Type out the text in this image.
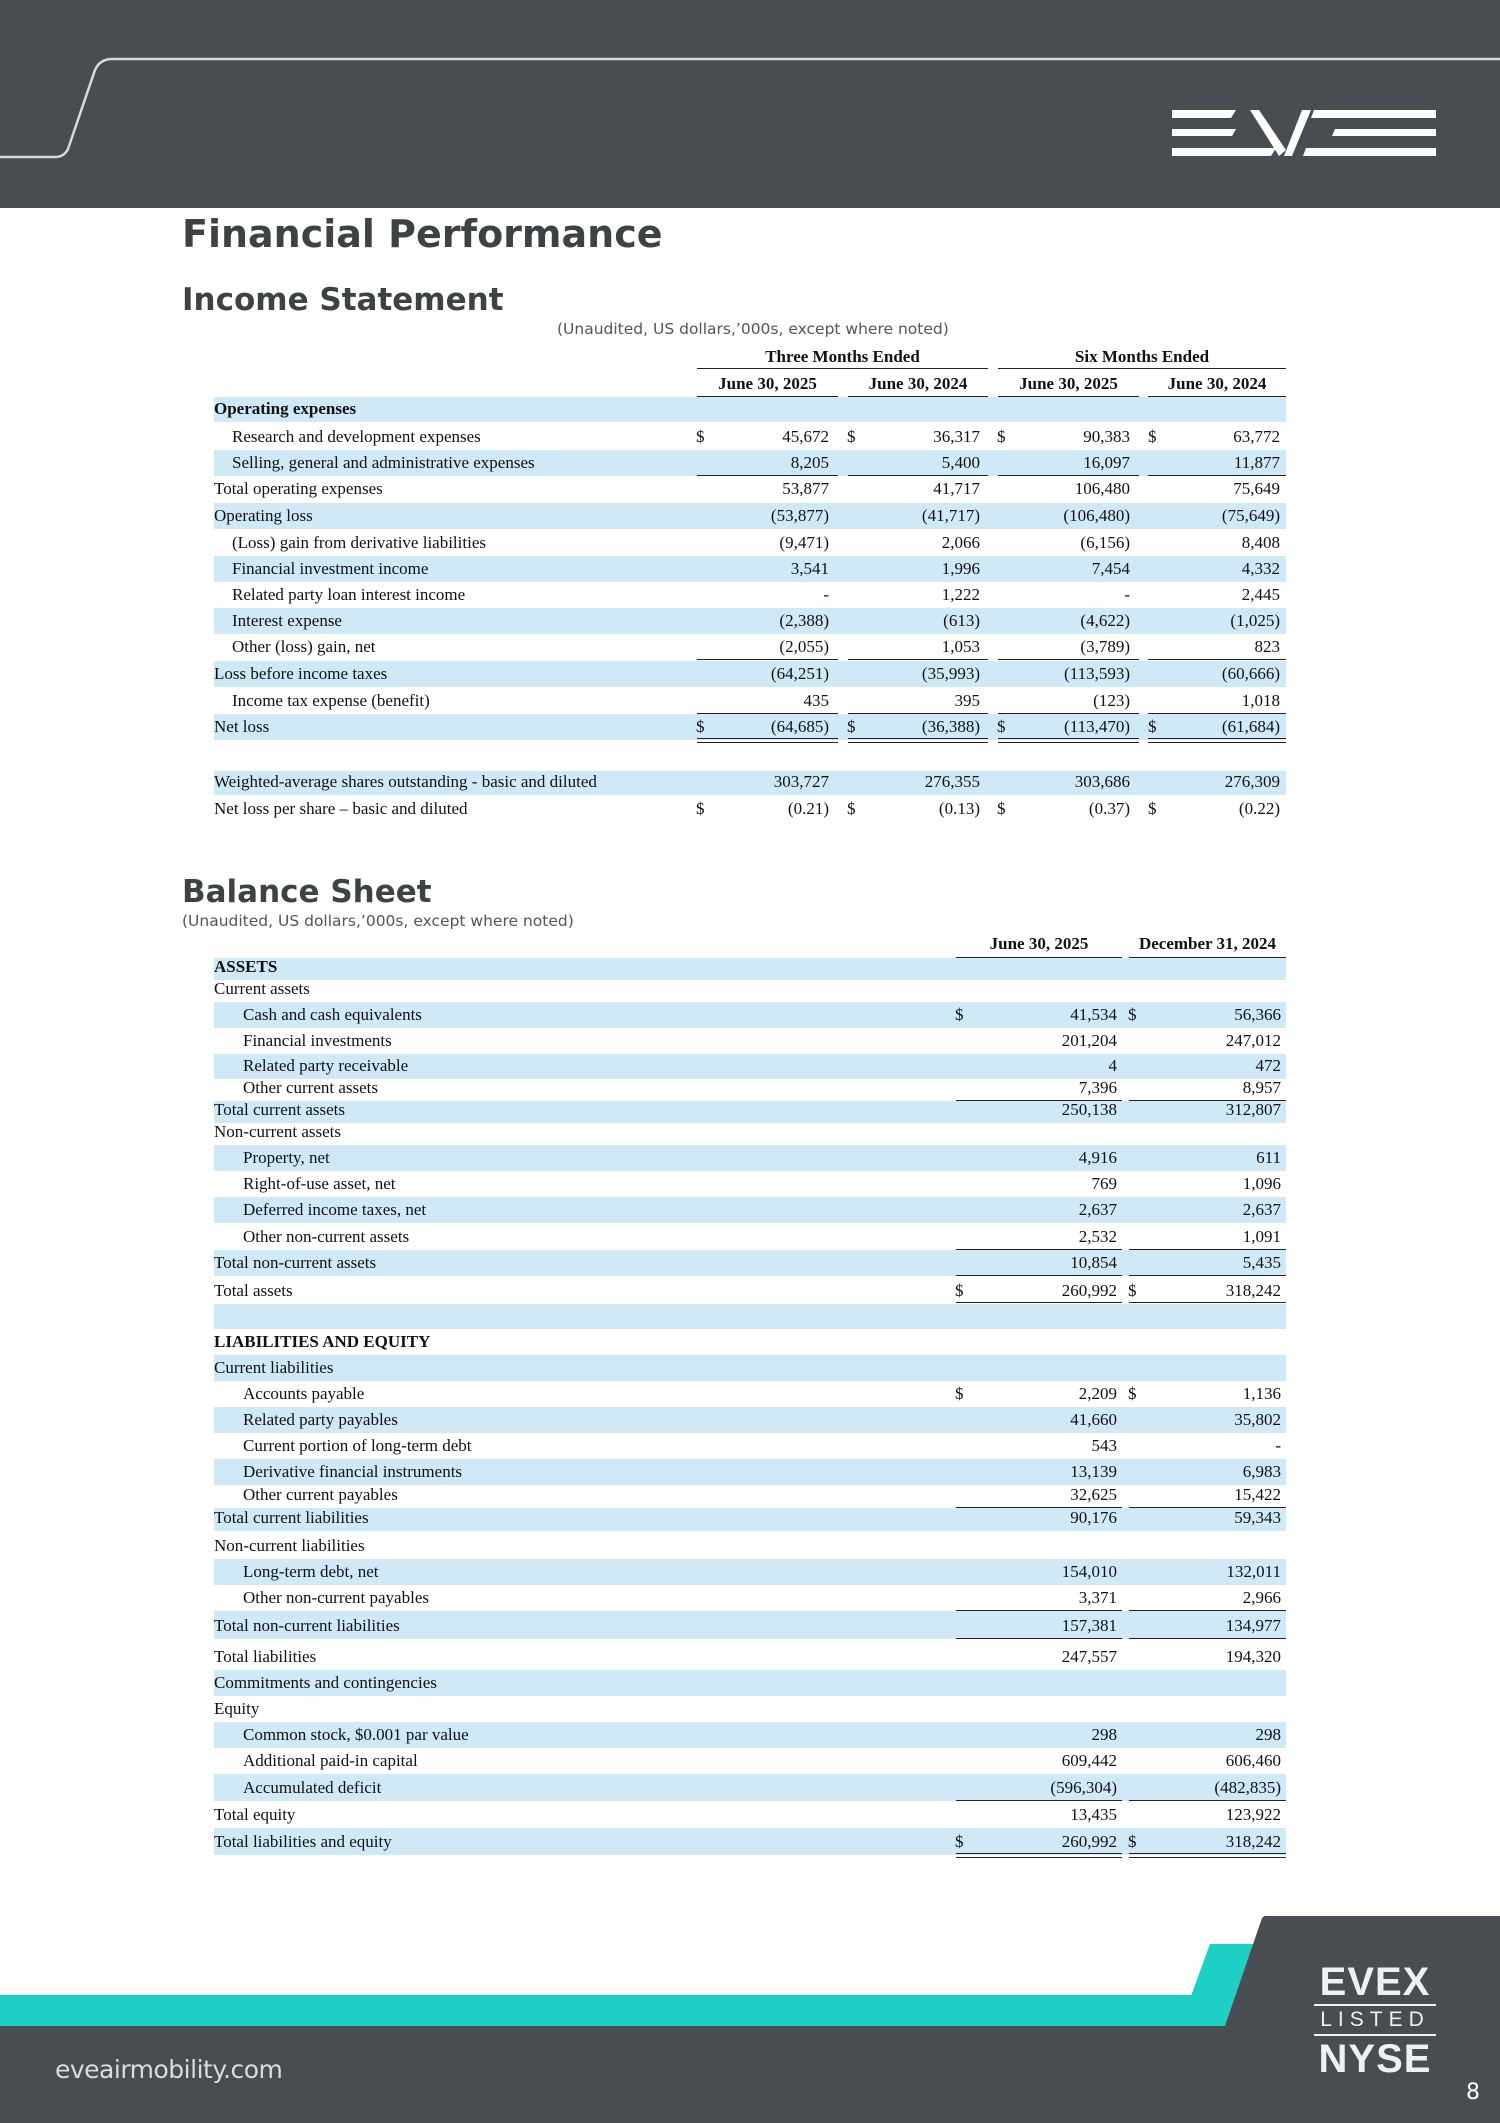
Financial Performance
Income Statement
(Unaudited, US dollars,’000s, except where noted)
Three Months Ended	Six Months Ended
June 30, 2025	June 30, 2024	June 30, 2025	June 30, 2024
Operating expenses
Research and development expenses	$	45,672 $	36,317 $	90,383 $	63,772
Selling, general and administrative expenses	8,205	5,400	16,097	11,877
Total operating expenses	53,877	41,717	106,480	75,649
Operating loss	(53,877)	(41,717)	(106,480)	(75,649)
(Loss) gain from derivative liabilities	(9,471)	2,066	(6,156)	8,408
Financial investment income	3,541	1,996	7,454	4,332
Related party loan interest income	-	1,222	-	2,445
Interest expense	(2,388)	(613)	(4,622)	(1,025)
Other (loss) gain, net	(2,055)	1,053	(3,789)	823
Loss before income taxes	(64,251)	(35,993)	(113,593)	(60,666)
Income tax expense (benefit)	435	395	(123)	1,018
Net loss	$	(64,685) $	(36,388) $	(113,470) $	(61,684)
Weighted-average shares outstanding - basic and diluted	303,727	276,355	303,686	276,309
Net loss per share – basic and diluted	$	(0.21) $	(0.13) $	(0.37) $	(0.22)
Balance Sheet
(Unaudited, US dollars,’000s, except where noted)
June 30, 2025	December 31, 2024
ASSETS
Current assets
Cash and cash equivalents	$	41,534 $	56,366
Financial investments	201,204	247,012
Related party receivable	4	472
Other current assets	7,396	8,957
Total current assets	250,138	312,807
Non-current assets
Property, net	4,916	611
Right-of-use asset, net	769	1,096
Deferred income taxes, net	2,637	2,637
Other non-current assets	2,532	1,091
Total non-current assets	10,854	5,435
Total assets	$	260,992 $	318,242
LIABILITIES AND EQUITY
Current liabilities
Accounts payable	$	2,209 $	1,136
Related party payables	41,660	35,802
Current portion of long-term debt	543	-
Derivative financial instruments	13,139	6,983
Other current payables	32,625	15,422
Total current liabilities	90,176	59,343
Non-current liabilities
Long-term debt, net	154,010	132,011
Other non-current payables	3,371	2,966
Total non-current liabilities	157,381	134,977
Total liabilities	247,557	194,320
Commitments and contingencies
Equity
Common stock, $0.001 par value	298	298
Additional paid-in capital	609,442	606,460
Accumulated deficit	(596,304)	(482,835)
Total equity	13,435	123,922
Total liabilities and equity	$	260,992 $	318,242
eveairmobility.com
EVEX
LISTED
NYSE
8
